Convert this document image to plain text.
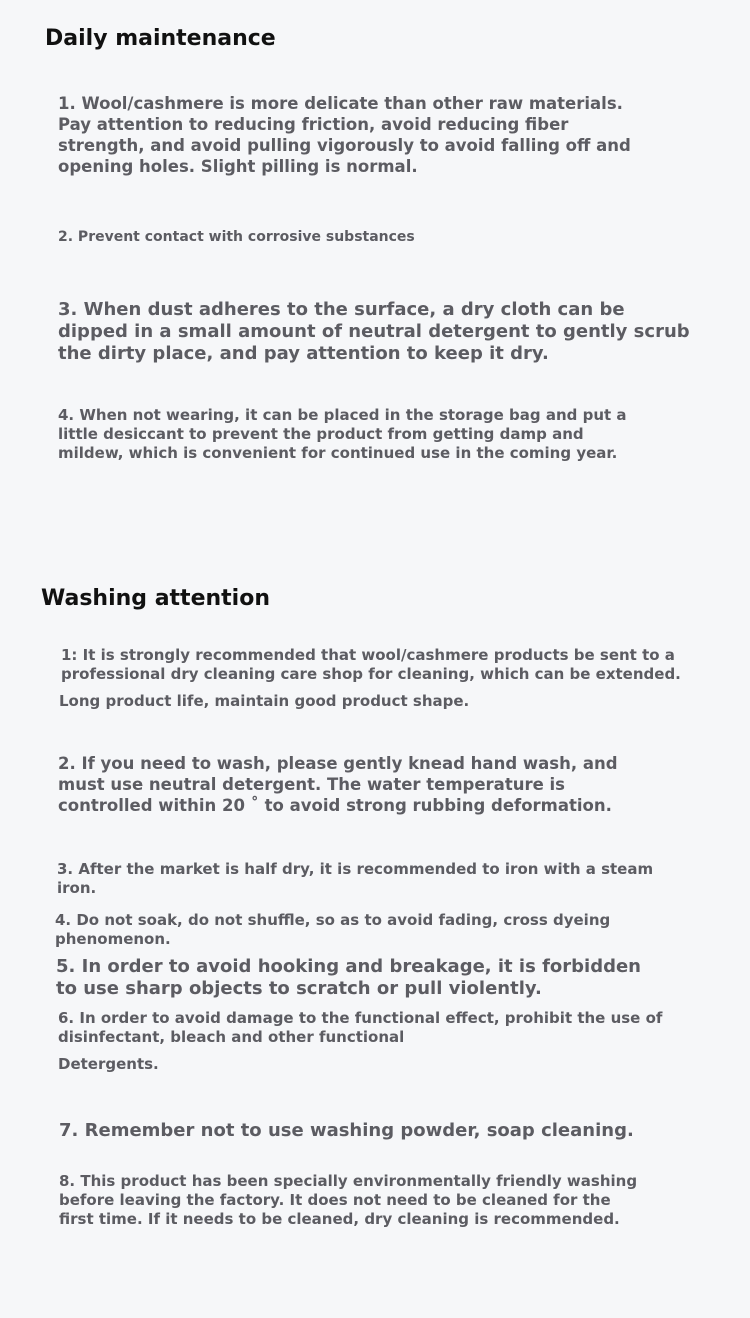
Daily maintenance

1. Wool/cashmere is more delicate than other raw materials.
Pay attention to reducing friction, avoid reducing fiber
strength, and avoid pulling vigorously to avoid falling off and
opening holes. Slight pilling is normal.

2. Prevent contact with corrosive substances

3. When dust adheres to the surface, a dry cloth can be
dipped in a small amount of neutral detergent to gently scrub
the dirty place, and pay attention to keep it dry.

4. When not wearing, it can be placed in the storage bag and put a
little desiccant to prevent the product from getting damp and
mildew, which is convenient for continued use in the coming year.

Washing attention

1: It is strongly recommended that wool/cashmere products be sent to a
professional dry cleaning care shop for cleaning, which can be extended.

Long product life, maintain good product shape.

2. If you need to wash, please gently knead hand wash, and
must use neutral detergent. The water temperature is
controlled within 20 ˚ to avoid strong rubbing deformation.

3. After the market is half dry, it is recommended to iron with a steam
iron.

4. Do not soak, do not shuffle, so as to avoid fading, cross dyeing
phenomenon.

5. In order to avoid hooking and breakage, it is forbidden
to use sharp objects to scratch or pull violently.

6. In order to avoid damage to the functional effect, prohibit the use of
disinfectant, bleach and other functional

Detergents.

7. Remember not to use washing powder, soap cleaning.

8. This product has been specially environmentally friendly washing
before leaving the factory. It does not need to be cleaned for the
first time. If it needs to be cleaned, dry cleaning is recommended.
